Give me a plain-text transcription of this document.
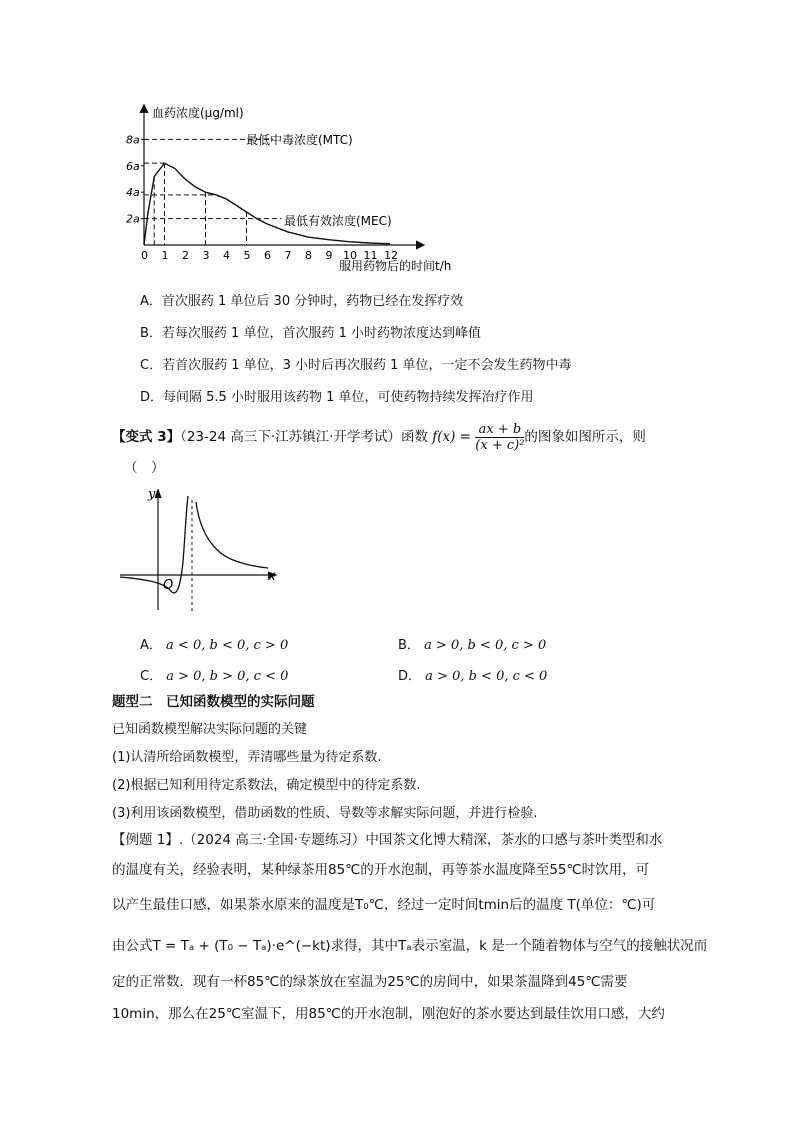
血药浓度(μg/ml)
最低中毒浓度(MTC)
最低有效浓度(MEC)
8a
6a
4a
2a
0 1 2 3 4 5 6 7 8 9 10 11 12
服用药物后的时间t/h
A．首次服药 1 单位后 30 分钟时，药物已经在发挥疗效
B．若每次服药 1 单位，首次服药 1 小时药物浓度达到峰值
C．若首次服药 1 单位，3 小时后再次服药 1 单位，一定不会发生药物中毒
D．每间隔 5.5 小时服用该药物 1 单位，可使药物持续发挥治疗作用
【变式 3】（23-24 高三下·江苏镇江·开学考试）函数 $f(x) = \frac{ax + b}{\text{(x + c)²}}$ 的图象如图所示，则
（　）
y
x
O
A． a < 0, b < 0, c > 0	B． a > 0, b < 0, c > 0
C． a > 0, b > 0, c < 0	D． a > 0, b < 0, c < 0
题型二　已知函数模型的实际问题
已知函数模型解决实际问题的关键
(1)认清所给函数模型，弄清哪些量为待定系数.
(2)根据已知利用待定系数法，确定模型中的待定系数.
(3)利用该函数模型，借助函数的性质、导数等求解实际问题，并进行检验.
【例题 1】.（2024 高三·全国·专题练习）中国茶文化博大精深，茶水的口感与茶叶类型和水
的温度有关，经验表明，某种绿茶用85℃的开水泡制，再等茶水温度降至55℃时饮用，可
以产生最佳口感，如果茶水原来的温度是T₀℃，经过一定时间tmin后的温度 T(单位：℃)可
由公式T = Tₐ + (T₀ − Tₐ)·e^(−kt)求得，其中Tₐ表示室温，k 是一个随着物体与空气的接触状况而
定的正常数．现有一杯85℃的绿茶放在室温为25℃的房间中，如果茶温降到45℃需要
10min，那么在25℃室温下，用85℃的开水泡制，刚泡好的茶水要达到最佳饮用口感，大约
